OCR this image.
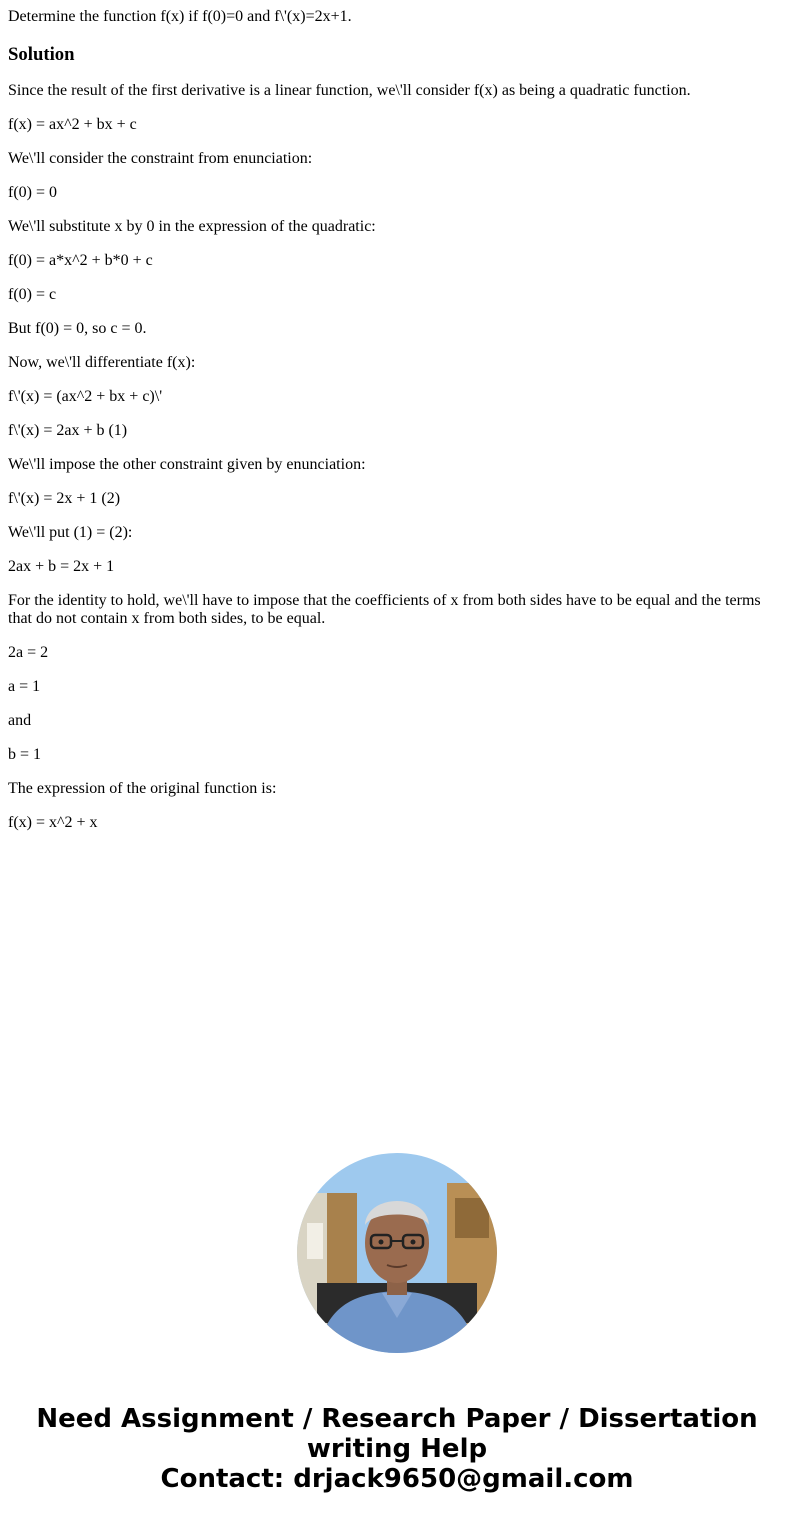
Determine the function f(x) if f(0)=0 and f\'(x)=2x+1.

Solution

Since the result of the first derivative is a linear function, we\'ll consider f(x) as being a quadratic function.

f(x) = ax^2 + bx + c

We\'ll consider the constraint from enunciation:

f(0) = 0

We\'ll substitute x by 0 in the expression of the quadratic:

f(0) = a*x^2 + b*0 + c

f(0) = c

But f(0) = 0, so c = 0.

Now, we\'ll differentiate f(x):

f\'(x) = (ax^2 + bx + c)\'

f\'(x) = 2ax + b (1)

We\'ll impose the other constraint given by enunciation:

f\'(x) = 2x + 1 (2)

We\'ll put (1) = (2):

2ax + b = 2x + 1

For the identity to hold, we\'ll have to impose that the coefficients of x from both sides have to be equal and the terms that do not contain x from both sides, to be equal.

2a = 2

a = 1

and

b = 1

The expression of the original function is:

f(x) = x^2 + x

Need Assignment / Research Paper / Dissertation
writing Help
Contact: drjack9650@gmail.com
